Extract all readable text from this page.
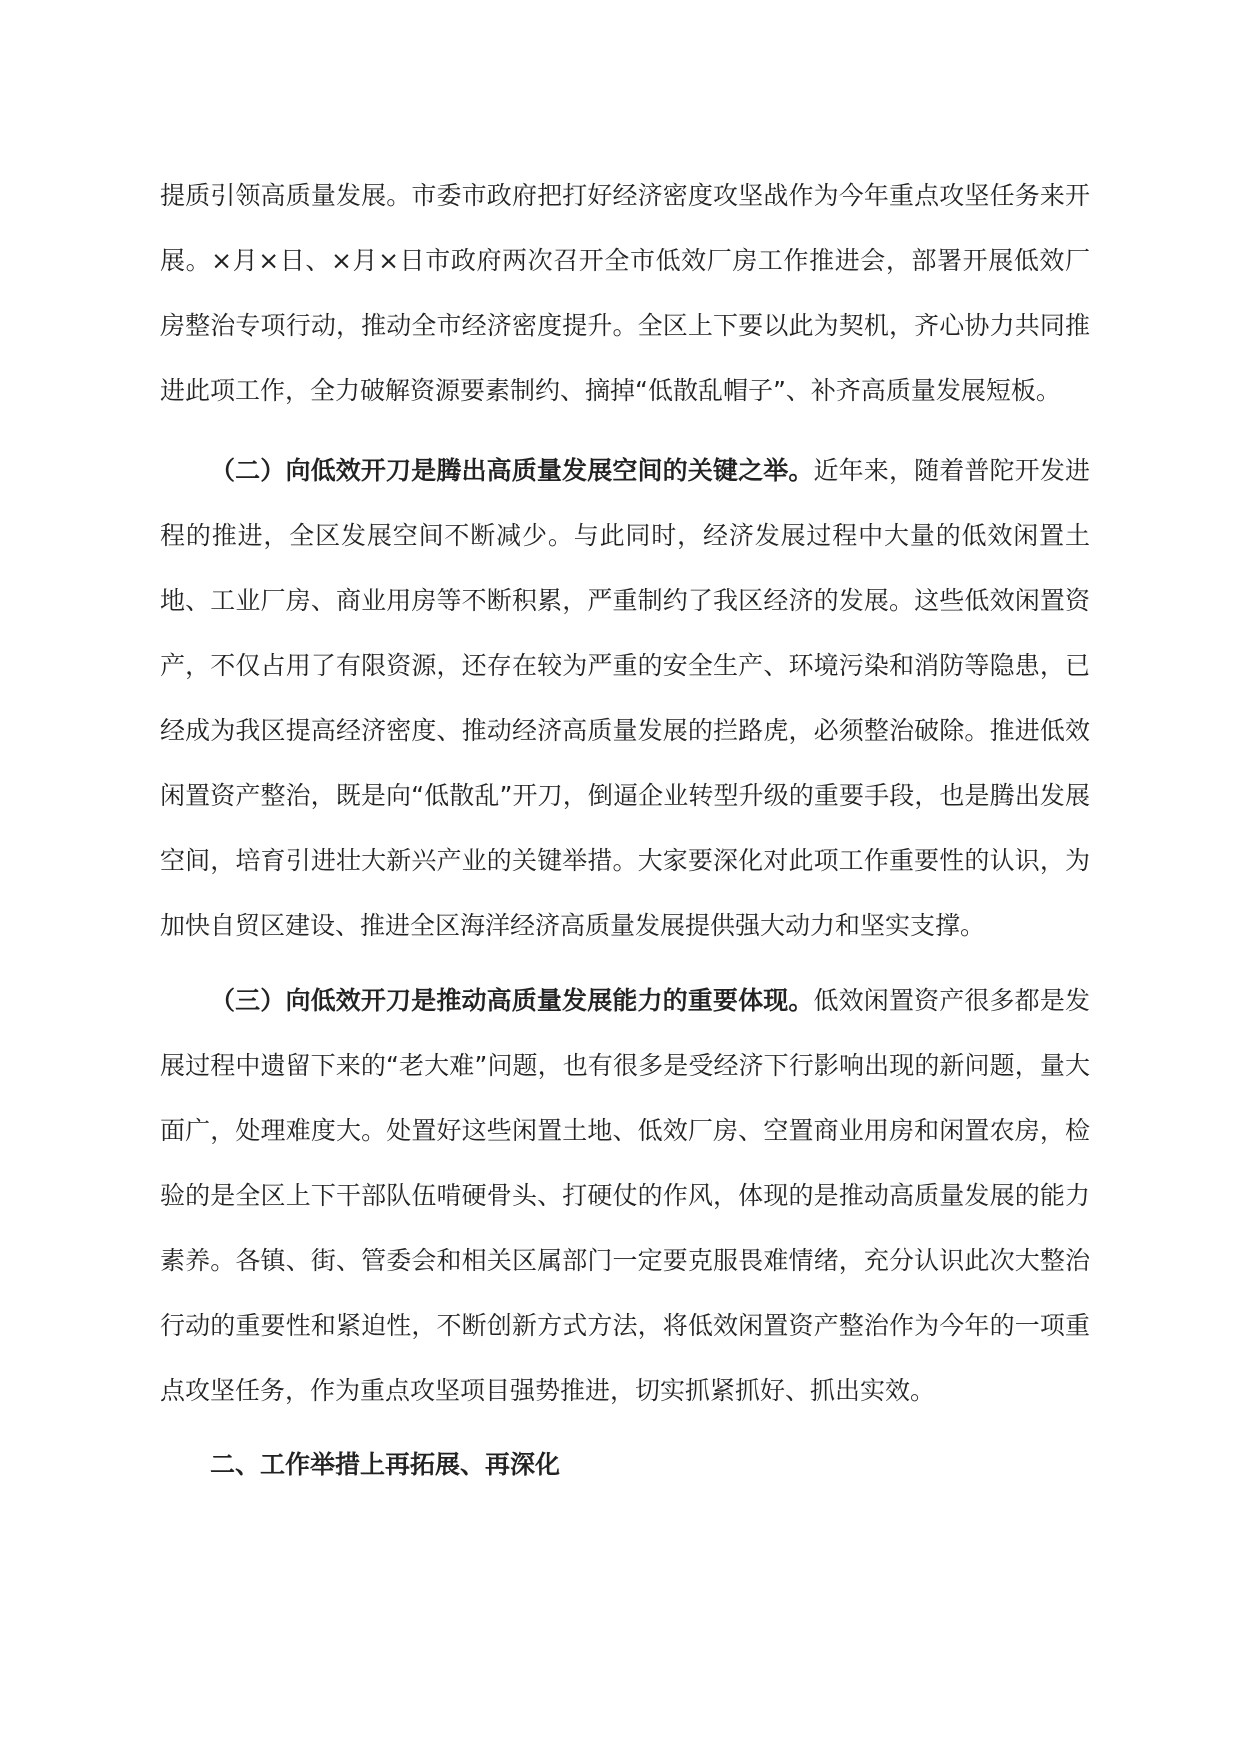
提质引领高质量发展。市委市政府把打好经济密度攻坚战作为今年重点攻坚任务来开展。×月×日、×月×日市政府两次召开全市低效厂房工作推进会，部署开展低效厂房整治专项行动，推动全市经济密度提升。全区上下要以此为契机，齐心协力共同推进此项工作，全力破解资源要素制约、摘掉“低散乱帽子”、补齐高质量发展短板。

（二）向低效开刀是腾出高质量发展空间的关键之举。近年来，随着普陀开发进程的推进，全区发展空间不断减少。与此同时，经济发展过程中大量的低效闲置土地、工业厂房、商业用房等不断积累，严重制约了我区经济的发展。这些低效闲置资产，不仅占用了有限资源，还存在较为严重的安全生产、环境污染和消防等隐患，已经成为我区提高经济密度、推动经济高质量发展的拦路虎，必须整治破除。推进低效闲置资产整治，既是向“低散乱”开刀，倒逼企业转型升级的重要手段，也是腾出发展空间，培育引进壮大新兴产业的关键举措。大家要深化对此项工作重要性的认识，为加快自贸区建设、推进全区海洋经济高质量发展提供强大动力和坚实支撑。

（三）向低效开刀是推动高质量发展能力的重要体现。低效闲置资产很多都是发展过程中遗留下来的“老大难”问题，也有很多是受经济下行影响出现的新问题，量大面广，处理难度大。处置好这些闲置土地、低效厂房、空置商业用房和闲置农房，检验的是全区上下干部队伍啃硬骨头、打硬仗的作风，体现的是推动高质量发展的能力素养。各镇、街、管委会和相关区属部门一定要克服畏难情绪，充分认识此次大整治行动的重要性和紧迫性，不断创新方式方法，将低效闲置资产整治作为今年的一项重点攻坚任务，作为重点攻坚项目强势推进，切实抓紧抓好、抓出实效。

二、工作举措上再拓展、再深化
